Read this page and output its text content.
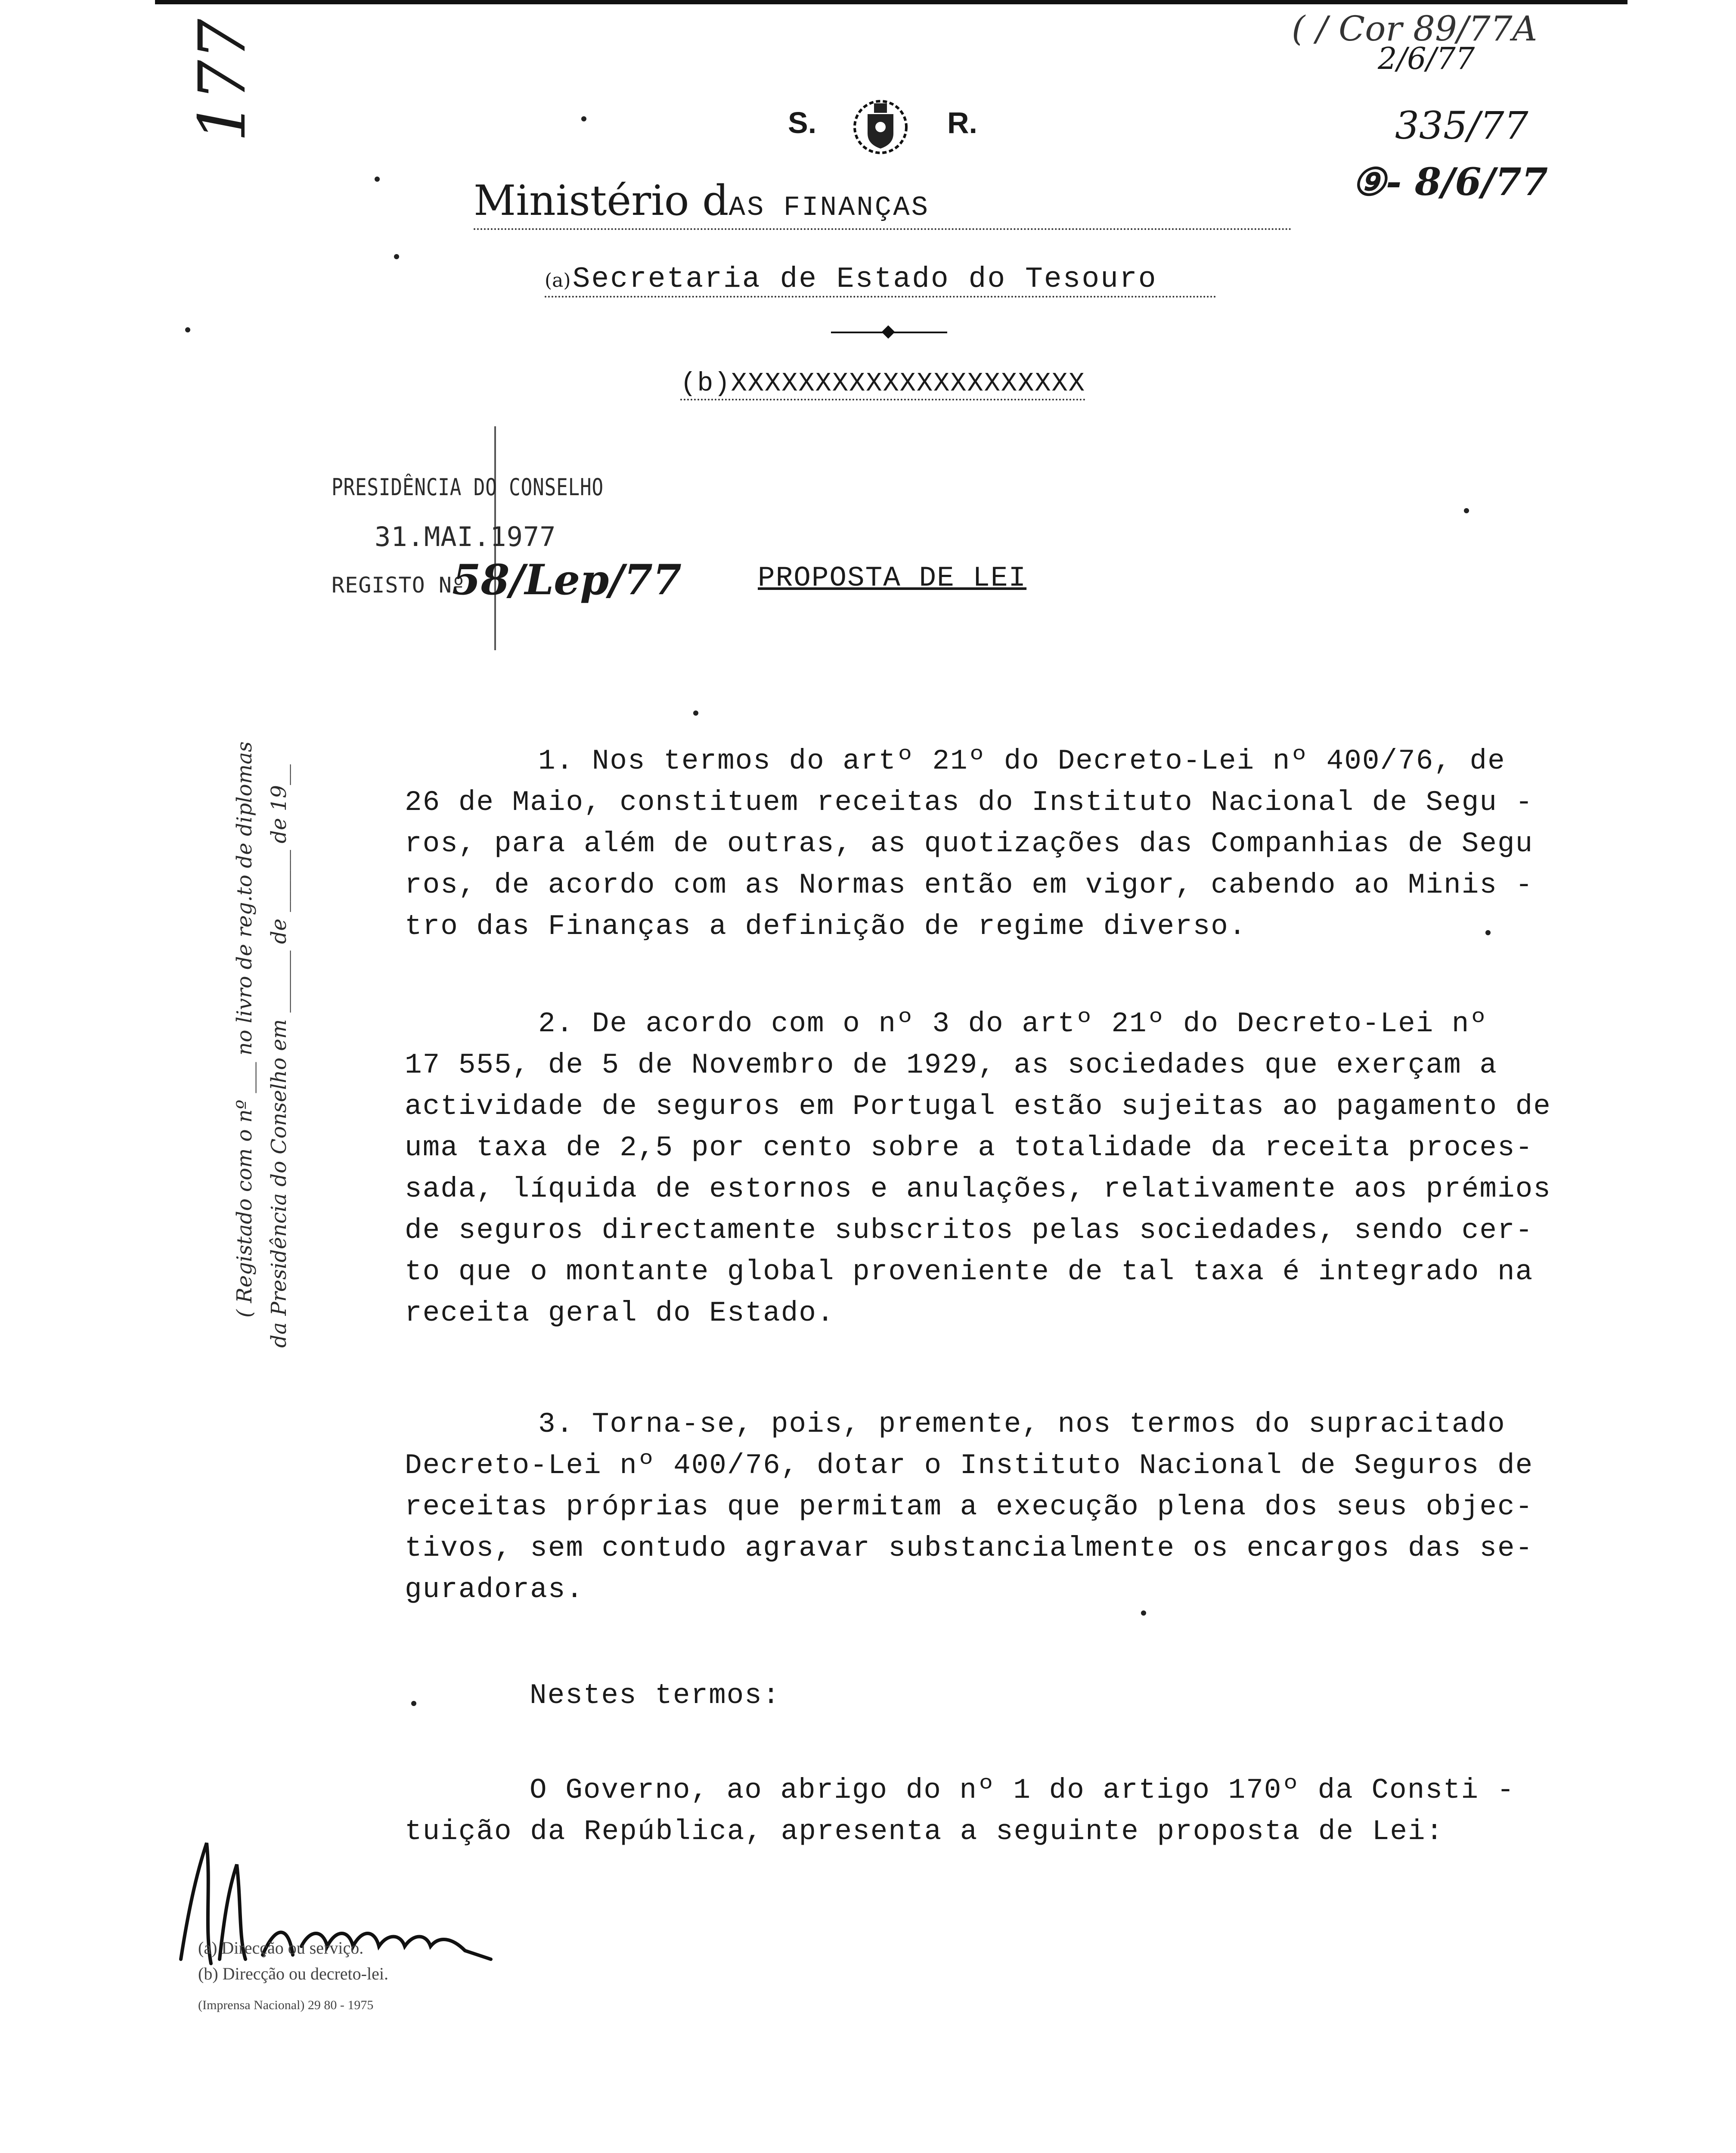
177	( / Cor 89/77A
2/6/77
335/77
⑨- 8/6/77
S.	R.
Ministério dAS FINANÇAS
(a) Secretaria de Estado do Tesouro
(b)XXXXXXXXXXXXXXXXXXXXX
PRESIDÊNCIA DO CONSELHO
31.MAI.1977
REGISTO Nº
58/Lep/77
( Registado com o nº ___ no livro de reg.to de diplomas da Presidência do Conselho em ______ de ______ de 19__
PROPOSTA DE LEI
1. Nos termos do artº 21º do Decreto-Lei nº 400/76, de
26 de Maio, constituem receitas do Instituto Nacional de Segu -
ros, para além de outras, as quotizações das Companhias de Segu
ros, de acordo com as Normas então em vigor, cabendo ao Minis -
tro das Finanças a definição de regime diverso.
2. De acordo com o nº 3 do artº 21º do Decreto-Lei nº
17 555, de 5 de Novembro de 1929, as sociedades que exerçam a
actividade de seguros em Portugal estão sujeitas ao pagamento de
uma taxa de 2,5 por cento sobre a totalidade da receita proces-
sada, líquida de estornos e anulações, relativamente aos prémios
de seguros directamente subscritos pelas sociedades, sendo cer-
to que o montante global proveniente de tal taxa é integrado na
receita geral do Estado.
3. Torna-se, pois, premente, nos termos do supracitado
Decreto-Lei nº 400/76, dotar o Instituto Nacional de Seguros de
receitas próprias que permitam a execução plena dos seus objec-
tivos, sem contudo agravar substancialmente os encargos das se-
guradoras.
Nestes termos:
O Governo, ao abrigo do nº 1 do artigo 170º da Consti -
tuição da República, apresenta a seguinte proposta de Lei:
(a) Direcção ou serviço.
(b) Direcção ou decreto-lei.
(Imprensa Nacional) 29 80 - 1975
